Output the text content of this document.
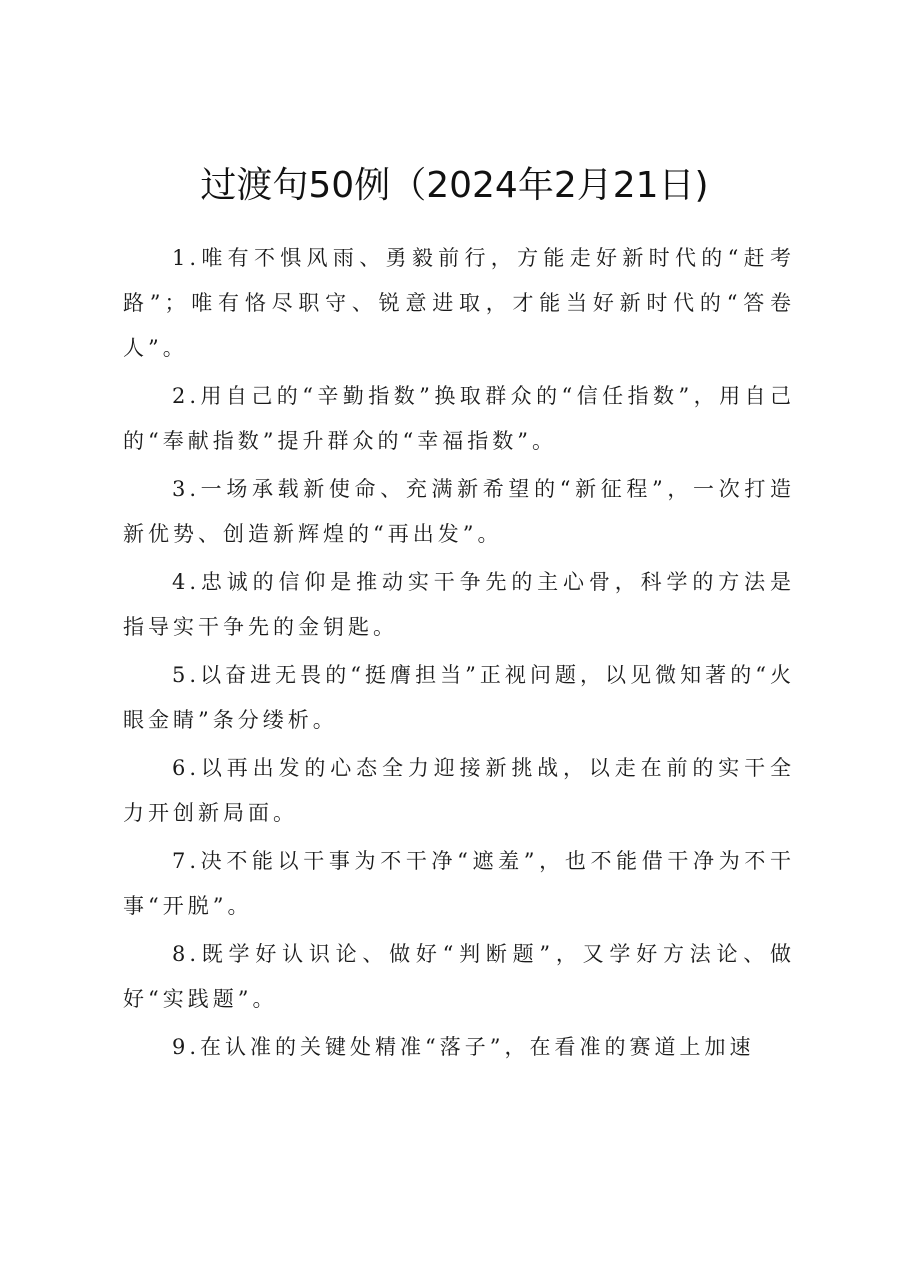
过渡句50例（2024年2月21日)

1.唯有不惧风雨、勇毅前行，方能走好新时代的“赶考路”；唯有恪尽职守、锐意进取，才能当好新时代的“答卷人”。

2.用自己的“辛勤指数”换取群众的“信任指数”，用自己的“奉献指数”提升群众的“幸福指数”。

3.一场承载新使命、充满新希望的“新征程”，一次打造新优势、创造新辉煌的“再出发”。

4.忠诚的信仰是推动实干争先的主心骨，科学的方法是指导实干争先的金钥匙。

5.以奋进无畏的“挺膺担当”正视问题，以见微知著的“火眼金睛”条分缕析。

6.以再出发的心态全力迎接新挑战，以走在前的实干全力开创新局面。

7.决不能以干事为不干净“遮羞”，也不能借干净为不干事“开脱”。

8.既学好认识论、做好“判断题”，又学好方法论、做好“实践题”。

9.在认准的关键处精准“落子”，在看准的赛道上加速
